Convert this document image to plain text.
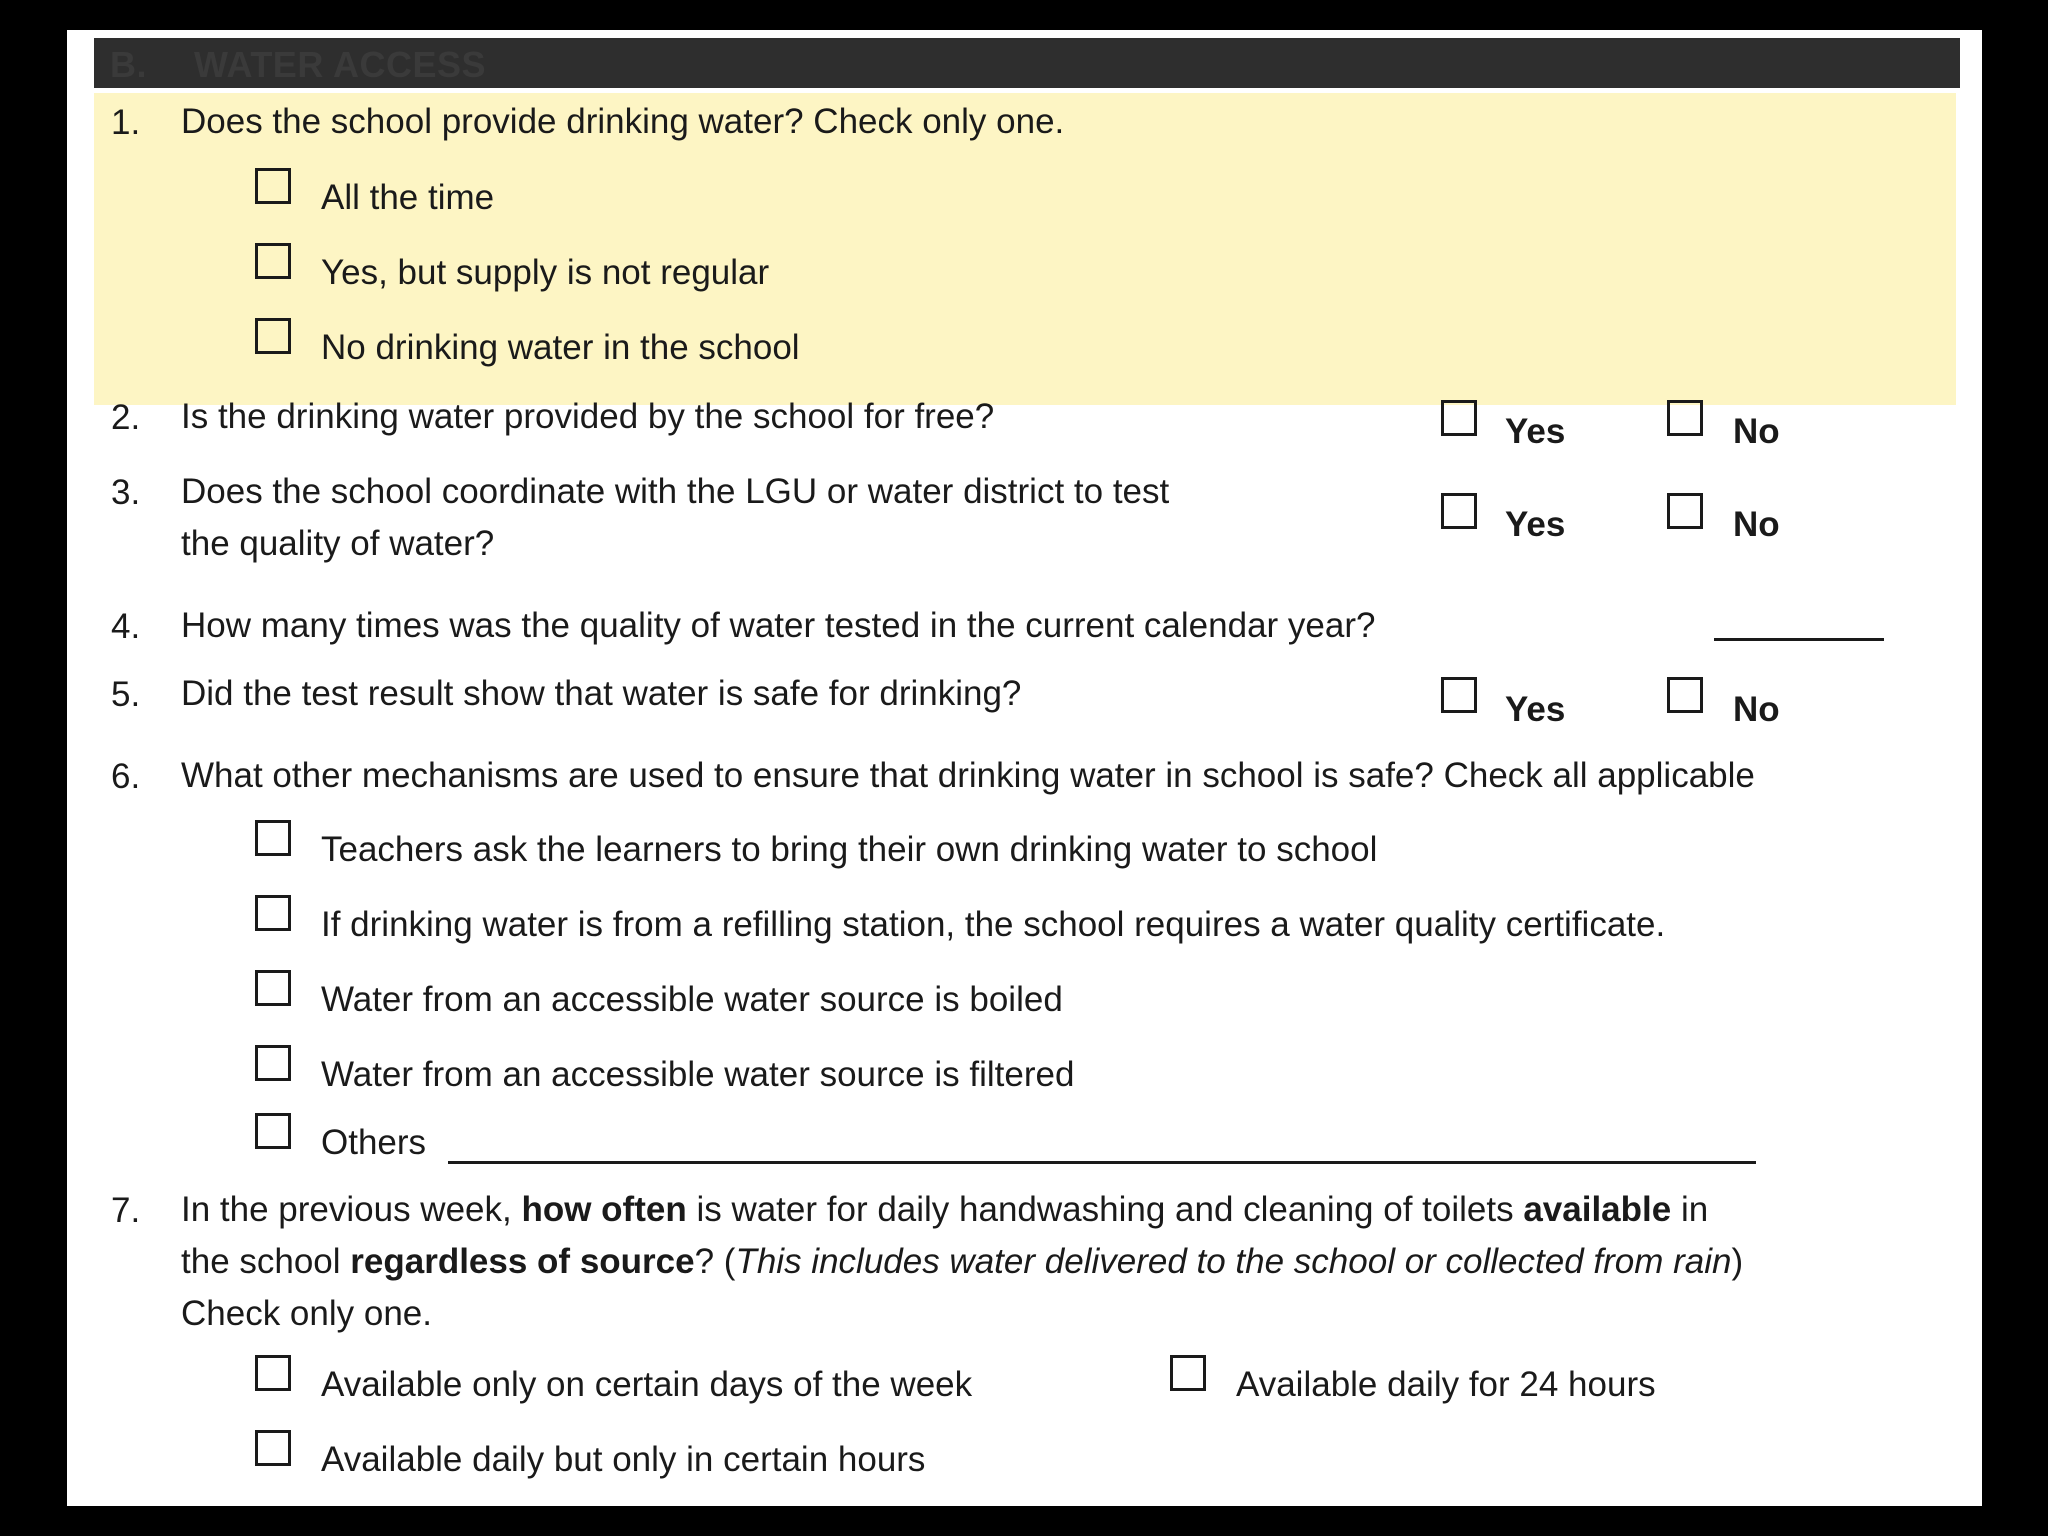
B. WATER ACCESS
1. Does the school provide drinking water? Check only one.
All the time
Yes, but supply is not regular
No drinking water in the school
2. Is the drinking water provided by the school for free?	Yes	No
3. Does the school coordinate with the LGU or water district to test
the quality of water?	Yes	No
4. How many times was the quality of water tested in the current calendar year?
5. Did the test result show that water is safe for drinking?	Yes	No
6. What other mechanisms are used to ensure that drinking water in school is safe? Check all applicable
Teachers ask the learners to bring their own drinking water to school
If drinking water is from a refilling station, the school requires a water quality certificate.
Water from an accessible water source is boiled
Water from an accessible water source is filtered
Others
7. In the previous week, how often is water for daily handwashing and cleaning of toilets available in
the school regardless of source? (This includes water delivered to the school or collected from rain)
Check only one.
Available only on certain days of the week	Available daily for 24 hours
Available daily but only in certain hours
